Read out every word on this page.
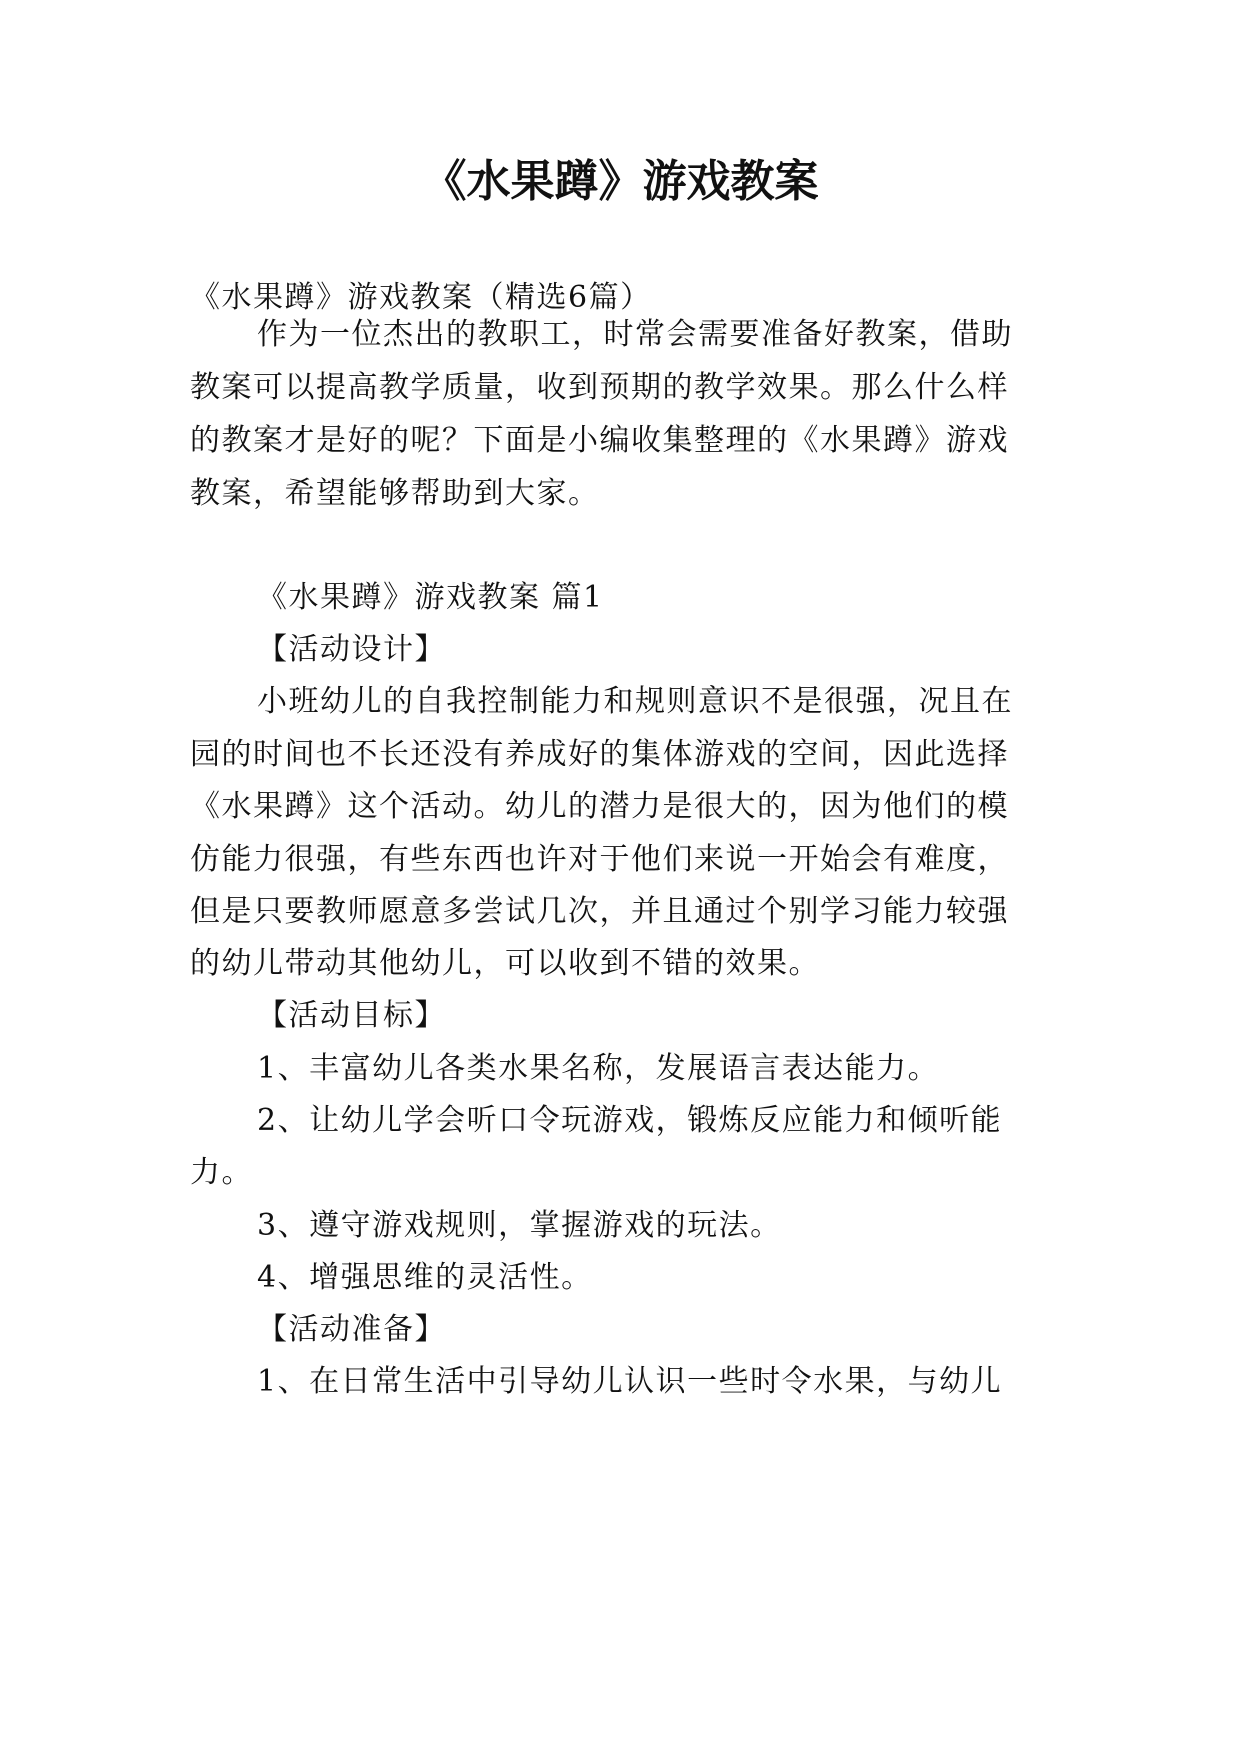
《水果蹲》游戏教案
《水果蹲》游戏教案（精选6篇）
作为一位杰出的教职工，时常会需要准备好教案，借助
教案可以提高教学质量，收到预期的教学效果。那么什么样
的教案才是好的呢？下面是小编收集整理的《水果蹲》游戏
教案，希望能够帮助到大家。
《水果蹲》游戏教案 篇1
【活动设计】
小班幼儿的自我控制能力和规则意识不是很强，况且在
园的时间也不长还没有养成好的集体游戏的空间，因此选择
《水果蹲》这个活动。幼儿的潜力是很大的，因为他们的模
仿能力很强，有些东西也许对于他们来说一开始会有难度，
但是只要教师愿意多尝试几次，并且通过个别学习能力较强
的幼儿带动其他幼儿，可以收到不错的效果。
【活动目标】
1、丰富幼儿各类水果名称，发展语言表达能力。
2、让幼儿学会听口令玩游戏，锻炼反应能力和倾听能
力。
3、遵守游戏规则，掌握游戏的玩法。
4、增强思维的灵活性。
【活动准备】
1、在日常生活中引导幼儿认识一些时令水果，与幼儿
